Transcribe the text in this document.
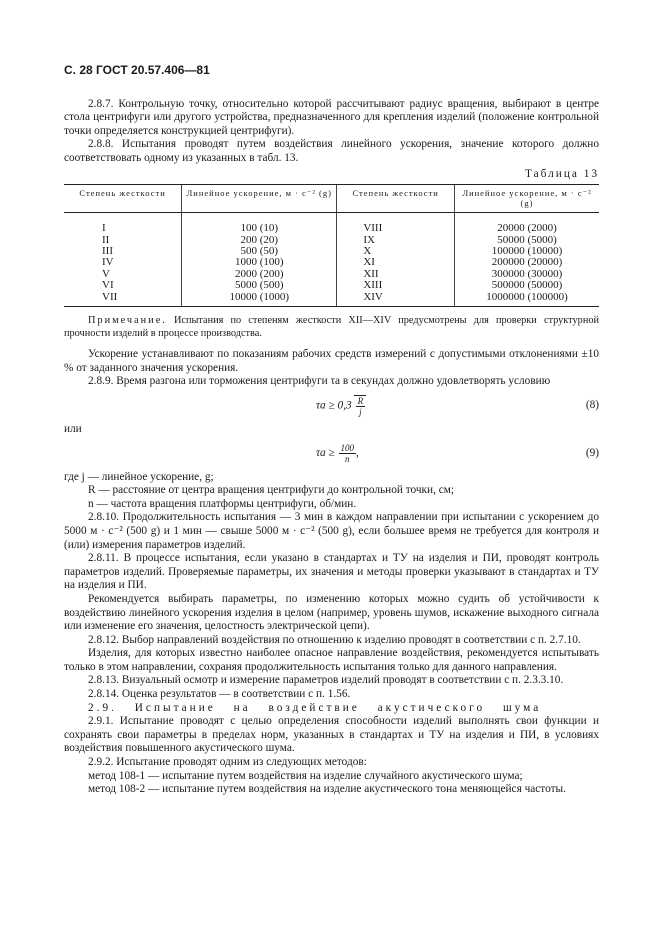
С. 28 ГОСТ 20.57.406—81

2.8.7. Контрольную точку, относительно которой рассчитывают радиус вращения, выбирают в центре стола центрифуги или другого устройства, предназначенного для крепления изделий (положение контрольной точки определяется конструкцией центрифуги).

2.8.8. Испытания проводят путем воздействия линейного ускорения, значение которого должно соответствовать одному из указанных в табл. 13.

Таблица 13
Степень жесткости	Линейное ускорение, м · с⁻² (g)	Степень жесткости	Линейное ускорение, м · с⁻² (g)
I	100 (10)	VIII	20000 (2000)
II	200 (20)	IX	50000 (5000)
III	500 (50)	X	100000 (10000)
IV	1000 (100)	XI	200000 (20000)
V	2000 (200)	XII	300000 (30000)
VI	5000 (500)	XIII	500000 (50000)
VII	10000 (1000)	XIV	1000000 (100000)

Примечание. Испытания по степеням жесткости XII—XIV предусмотрены для проверки структурной прочности изделий в процессе производства.

Ускорение устанавливают по показаниям рабочих средств измерений с допустимыми отклонениями ±10 % от заданного значения ускорения.

2.8.9. Время разгона или торможения центрифуги τа в секундах должно удовлетворять условию

$\tau а \ge 0,3 \frac{R}{j}$	(8)

или

$\tau а \ge \frac{100}{n}$ ,	(9)

где j — линейное ускорение, g;

R — расстояние от центра вращения центрифуги до контрольной точки, см;

n — частота вращения платформы центрифуги, об/мин.

2.8.10. Продолжительность испытания — 3 мин в каждом направлении при испытании с ускорением до 5000 м · с⁻² (500 g) и 1 мин — свыше 5000 м · с⁻² (500 g), если большее время не требуется для контроля и (или) измерения параметров изделий.

2.8.11. В процессе испытания, если указано в стандартах и ТУ на изделия и ПИ, проводят контроль параметров изделий. Проверяемые параметры, их значения и методы проверки указывают в стандартах и ТУ на изделия и ПИ.

Рекомендуется выбирать параметры, по изменению которых можно судить об устойчивости к воздействию линейного ускорения изделия в целом (например, уровень шумов, искажение выходного сигнала или изменение его значения, целостность электрической цепи).

2.8.12. Выбор направлений воздействия по отношению к изделию проводят в соответствии с п. 2.7.10.

Изделия, для которых известно наиболее опасное направление воздействия, рекомендуется испытывать только в этом направлении, сохраняя продолжительность испытания только для данного направления.

2.8.13. Визуальный осмотр и измерение параметров изделий проводят в соответствии с п. 2.3.3.10.

2.8.14. Оценка результатов — в соответствии с п. 1.56.

2.9. Испытание на воздействие акустического шума

2.9.1. Испытание проводят с целью определения способности изделий выполнять свои функции и сохранять свои параметры в пределах норм, указанных в стандартах и ТУ на изделия и ПИ, в условиях воздействия повышенного акустического шума.

2.9.2. Испытание проводят одним из следующих методов:

метод 108-1 — испытание путем воздействия на изделие случайного акустического шума;

метод 108-2 — испытание путем воздействия на изделие акустического тона меняющейся частоты.
